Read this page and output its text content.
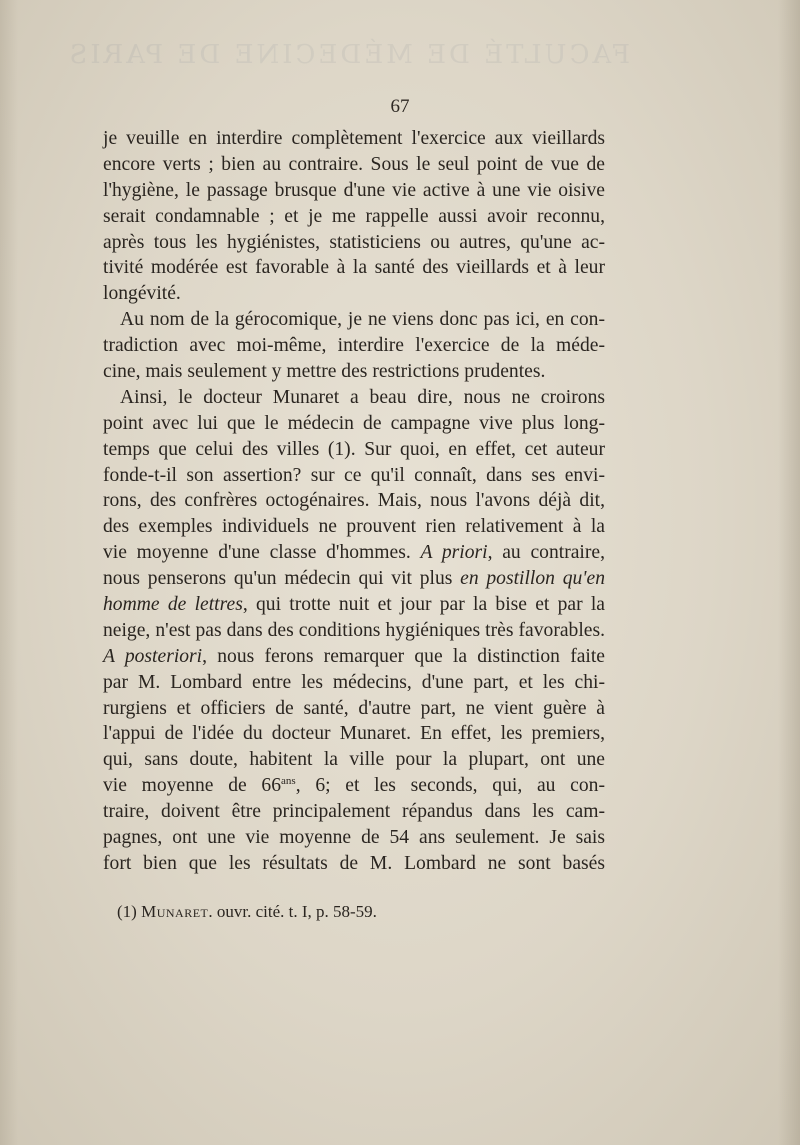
FACULTÉ DE MÉDECINE DE PARIS
67
je veuille en interdire complètement l'exercice aux vieillards
encore verts ; bien au contraire. Sous le seul point de vue de
l'hygiène, le passage brusque d'une vie active à une vie oisive
serait condamnable ; et je me rappelle aussi avoir reconnu,
après tous les hygiénistes, statisticiens ou autres, qu'une ac-
tivité modérée est favorable à la santé des vieillards et à leur
longévité.
Au nom de la gérocomique, je ne viens donc pas ici, en con-
tradiction avec moi-même, interdire l'exercice de la méde-
cine, mais seulement y mettre des restrictions prudentes.
Ainsi, le docteur Munaret a beau dire, nous ne croirons
point avec lui que le médecin de campagne vive plus long-
temps que celui des villes (1). Sur quoi, en effet, cet auteur
fonde-t-il son assertion? sur ce qu'il connaît, dans ses envi-
rons, des confrères octogénaires. Mais, nous l'avons déjà dit,
des exemples individuels ne prouvent rien relativement à la
vie moyenne d'une classe d'hommes. A priori, au contraire,
nous penserons qu'un médecin qui vit plus en postillon qu'en
homme de lettres, qui trotte nuit et jour par la bise et par la
neige, n'est pas dans des conditions hygiéniques très favorables.
A posteriori, nous ferons remarquer que la distinction faite
par M. Lombard entre les médecins, d'une part, et les chi-
rurgiens et officiers de santé, d'autre part, ne vient guère à
l'appui de l'idée du docteur Munaret. En effet, les premiers,
qui, sans doute, habitent la ville pour la plupart, ont une
vie moyenne de $66^{ans}$, 6; et les seconds, qui, au con-
traire, doivent être principalement répandus dans les cam-
pagnes, ont une vie moyenne de 54 ans seulement. Je sais
fort bien que les résultats de M. Lombard ne sont basés
(1) Munaret. ouvr. cité. t. I, p. 58-59.
